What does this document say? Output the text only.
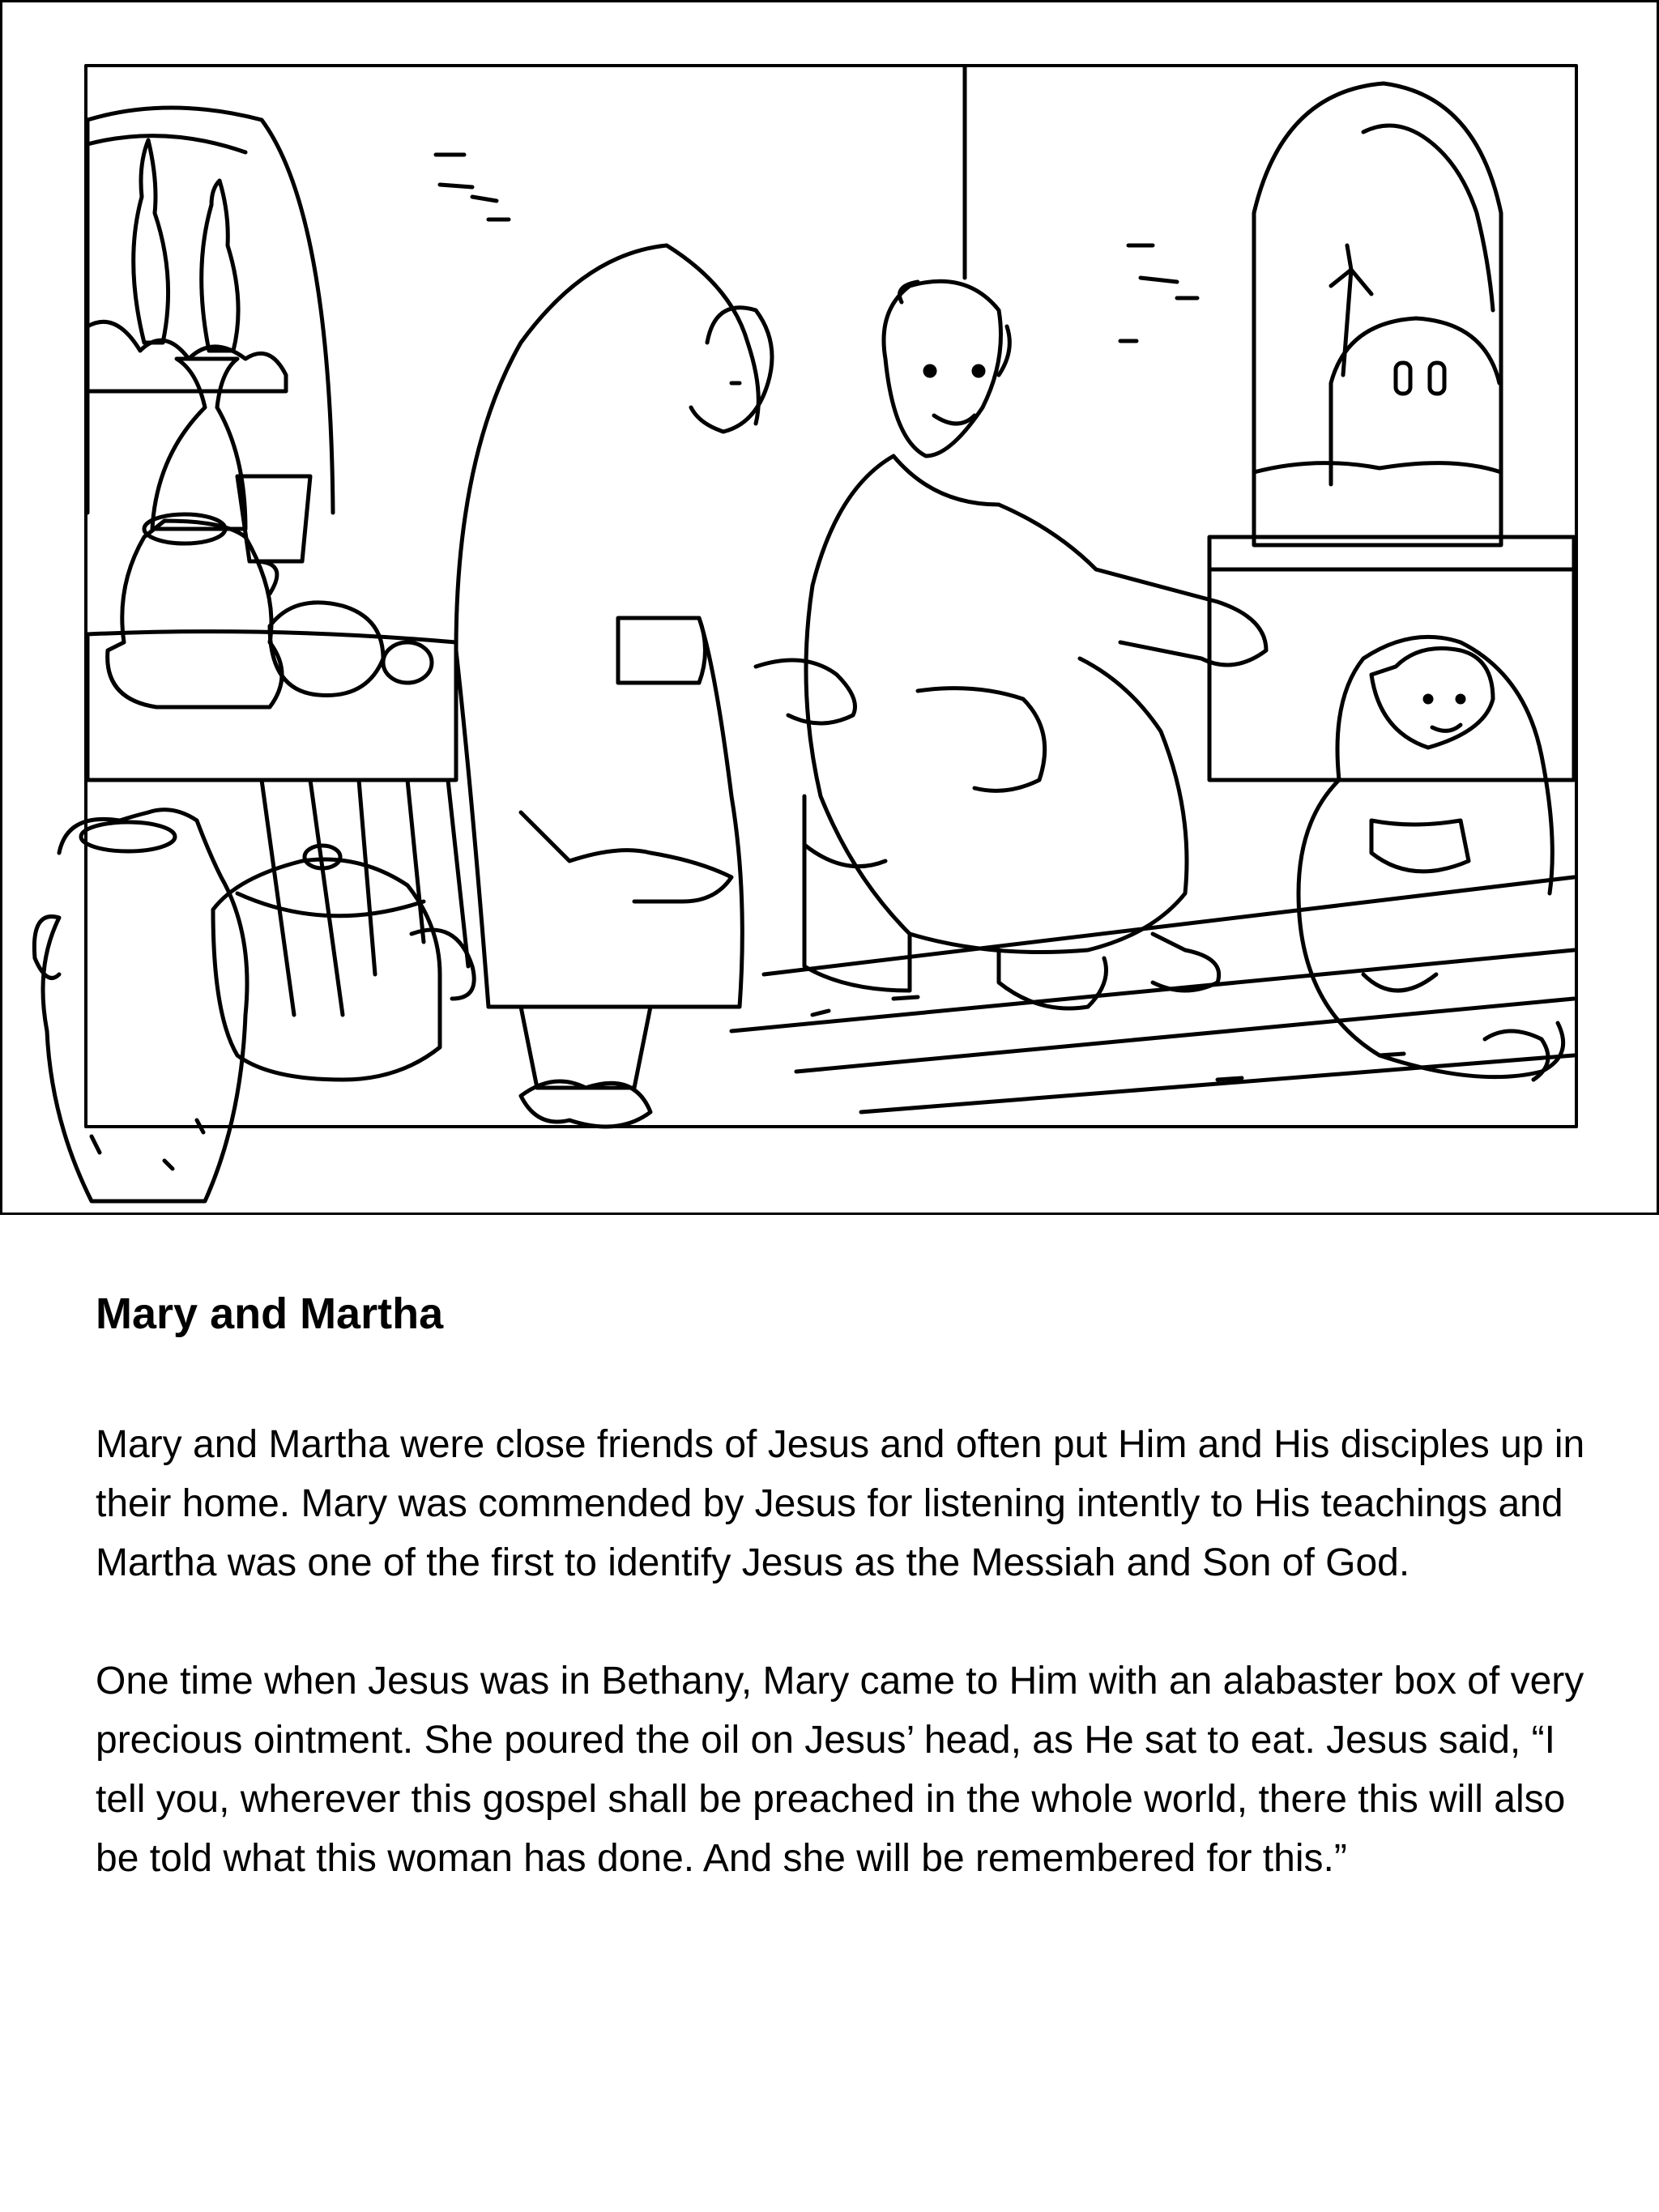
Mary and Martha

Mary and Martha were close friends of Jesus and often put Him and His disciples up in their home. Mary was commended by Jesus for listening intently to His teachings and Martha was one of the first to identify Jesus as the Messiah and Son of God.

One time when Jesus was in Bethany, Mary came to Him with an alabaster box of very precious ointment. She poured the oil on Jesus’ head, as He sat to eat. Jesus said, “I tell you, wherever this gospel shall be preached in the whole world, there this will also be told what this woman has done. And she will be remembered for this.”
